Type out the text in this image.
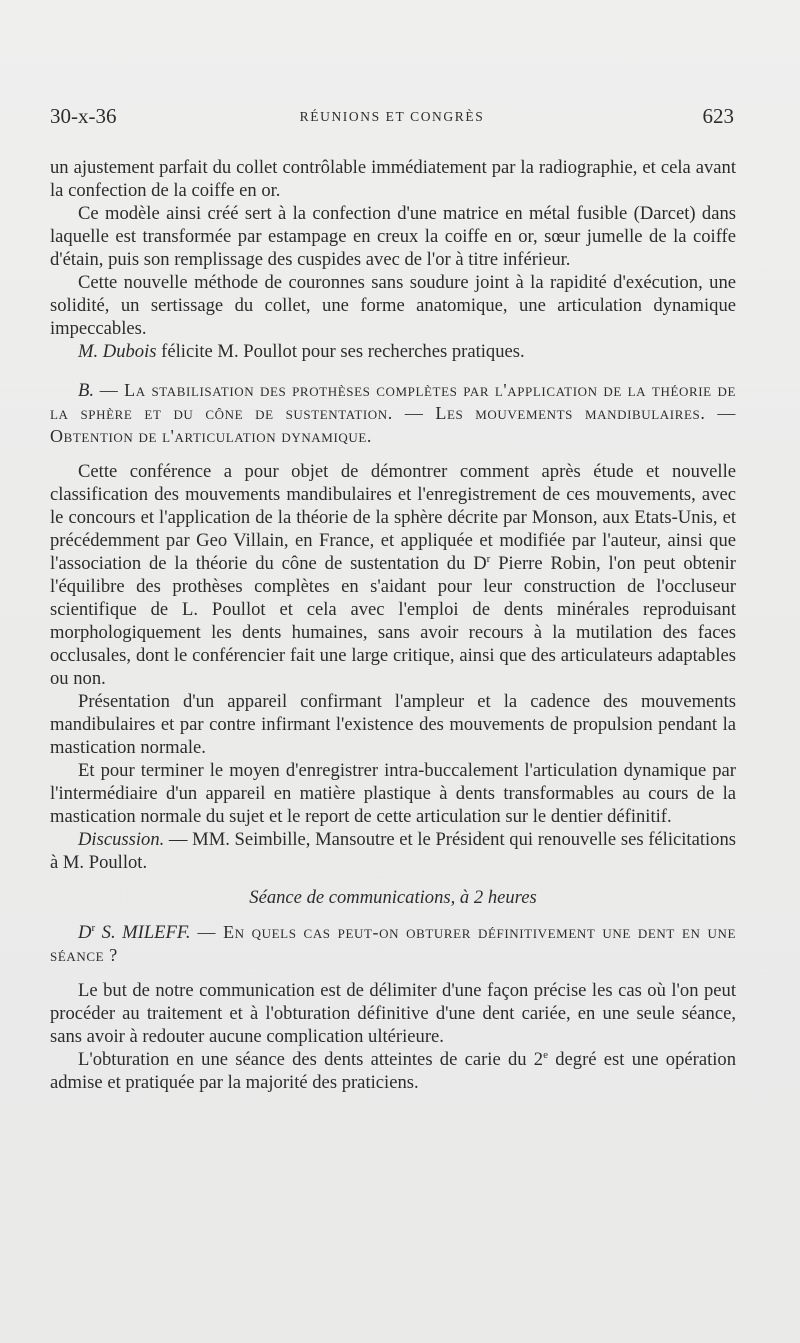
30-x-36	RÉUNIONS ET CONGRÈS	623

un ajustement parfait du collet contrôlable immédiatement par la radiographie, et cela avant la confection de la coiffe en or.

Ce modèle ainsi créé sert à la confection d'une matrice en métal fusible (Darcet) dans laquelle est transformée par estampage en creux la coiffe en or, sœur jumelle de la coiffe d'étain, puis son remplissage des cuspides avec de l'or à titre inférieur.

Cette nouvelle méthode de couronnes sans soudure joint à la rapidité d'exécution, une solidité, un sertissage du collet, une forme anatomique, une articulation dynamique impeccables.

M. Dubois félicite M. Poullot pour ses recherches pratiques.

B. — La stabilisation des prothèses complètes par l'application de la théorie de la sphère et du cône de sustentation. — Les mouvements mandibulaires. — Obtention de l'articulation dynamique.

Cette conférence a pour objet de démontrer comment après étude et nouvelle classification des mouvements mandibulaires et l'enregistrement de ces mouvements, avec le concours et l'application de la théorie de la sphère décrite par Monson, aux Etats-Unis, et précédemment par Geo Villain, en France, et appliquée et modifiée par l'auteur, ainsi que l'association de la théorie du cône de sustentation du $D^r$ Pierre Robin, l'on peut obtenir l'équilibre des prothèses complètes en s'aidant pour leur construction de l'occluseur scientifique de L. Poullot et cela avec l'emploi de dents minérales reproduisant morphologiquement les dents humaines, sans avoir recours à la mutilation des faces occlusales, dont le conférencier fait une large critique, ainsi que des articulateurs adaptables ou non.

Présentation d'un appareil confirmant l'ampleur et la cadence des mouvements mandibulaires et par contre infirmant l'existence des mouvements de propulsion pendant la mastication normale.

Et pour terminer le moyen d'enregistrer intra-buccalement l'articulation dynamique par l'intermédiaire d'un appareil en matière plastique à dents transformables au cours de la mastication normale du sujet et le report de cette articulation sur le dentier définitif.

Discussion. — MM. Seimbille, Mansoutre et le Président qui renouvelle ses félicitations à M. Poullot.

Séance de communications, à 2 heures

$D^r$ S. MILEFF. — En quels cas peut-on obturer définitivement une dent en une séance ?

Le but de notre communication est de délimiter d'une façon précise les cas où l'on peut procéder au traitement et à l'obturation définitive d'une dent cariée, en une seule séance, sans avoir à redouter aucune complication ultérieure.

L'obturation en une séance des dents atteintes de carie du 2e degré est une opération admise et pratiquée par la majorité des praticiens.
